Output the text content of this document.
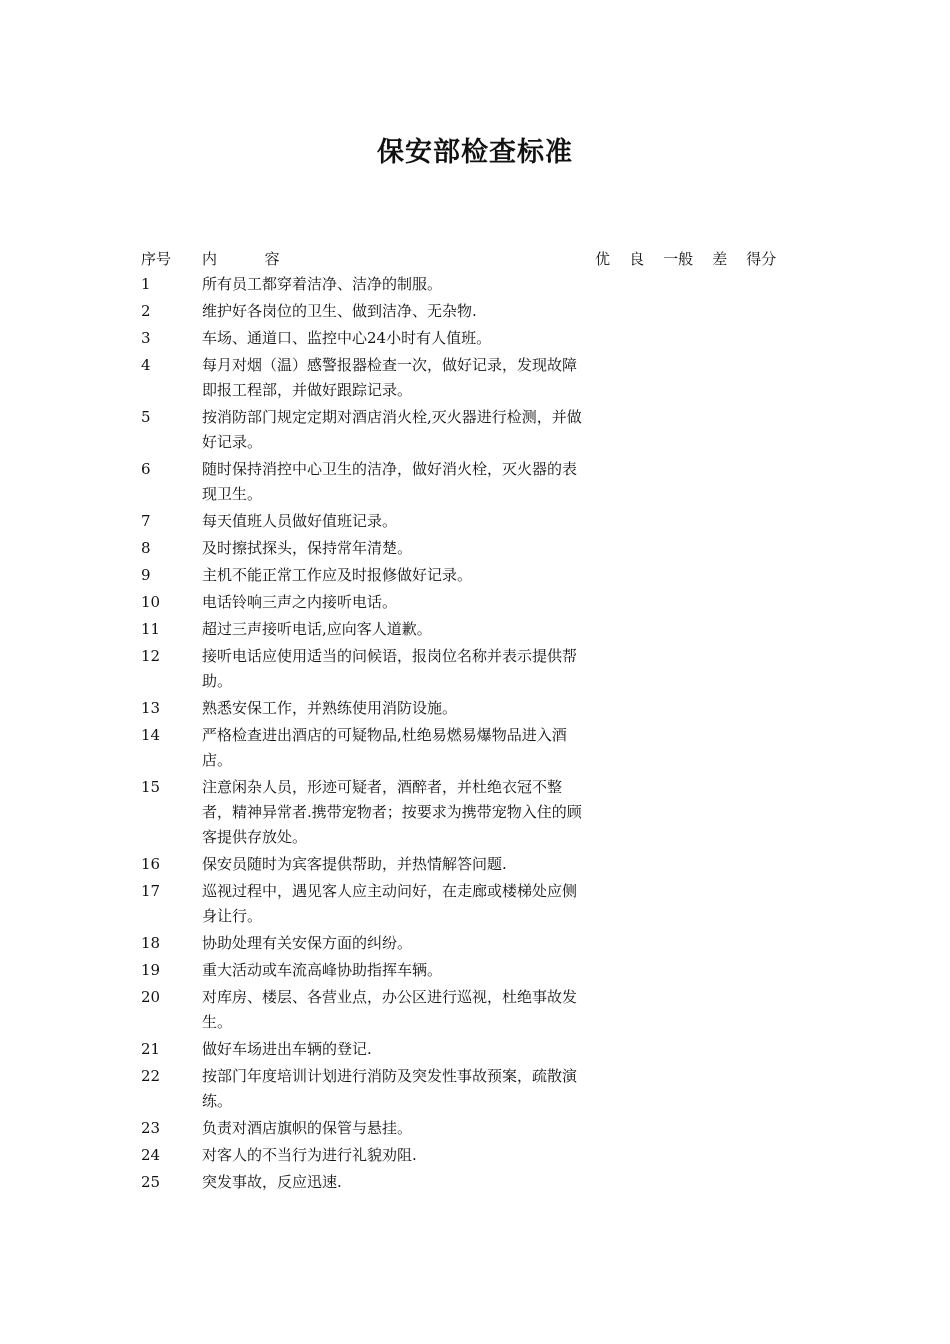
保安部检查标准
序号 内          容	优    良    一般    差    得分
1	所有员工都穿着洁净、洁净的制服。
2	维护好各岗位的卫生、做到洁净、无杂物.
3	车场、通道口、监控中心24小时有人值班。
4	每月对烟（温）感警报器检查一次，做好记录，发现故障即报工程部，并做好跟踪记录。
5	按消防部门规定定期对酒店消火栓,灭火器进行检测，并做好记录。
6	随时保持消控中心卫生的洁净，做好消火栓，灭火器的表现卫生。
7	每天值班人员做好值班记录。
8	及时擦拭探头，保持常年清楚。
9	主机不能正常工作应及时报修做好记录。
10	电话铃响三声之内接听电话。
11	超过三声接听电话,应向客人道歉。
12	接听电话应使用适当的问候语，报岗位名称并表示提供帮助。
13	熟悉安保工作，并熟练使用消防设施。
14	严格检查进出酒店的可疑物品,杜绝易燃易爆物品进入酒店。
15	注意闲杂人员，形迹可疑者，酒醉者，并杜绝衣冠不整者，精神异常者.携带宠物者；按要求为携带宠物入住的顾客提供存放处。
16	保安员随时为宾客提供帮助，并热情解答问题.
17	巡视过程中，遇见客人应主动问好，在走廊或楼梯处应侧身让行。
18	协助处理有关安保方面的纠纷。
19	重大活动或车流高峰协助指挥车辆。
20	对库房、楼层、各营业点，办公区进行巡视，杜绝事故发生。
21	做好车场进出车辆的登记.
22	按部门年度培训计划进行消防及突发性事故预案，疏散演练。
23	负责对酒店旗帜的保管与悬挂。
24	对客人的不当行为进行礼貌劝阻.
25	突发事故，反应迅速.
